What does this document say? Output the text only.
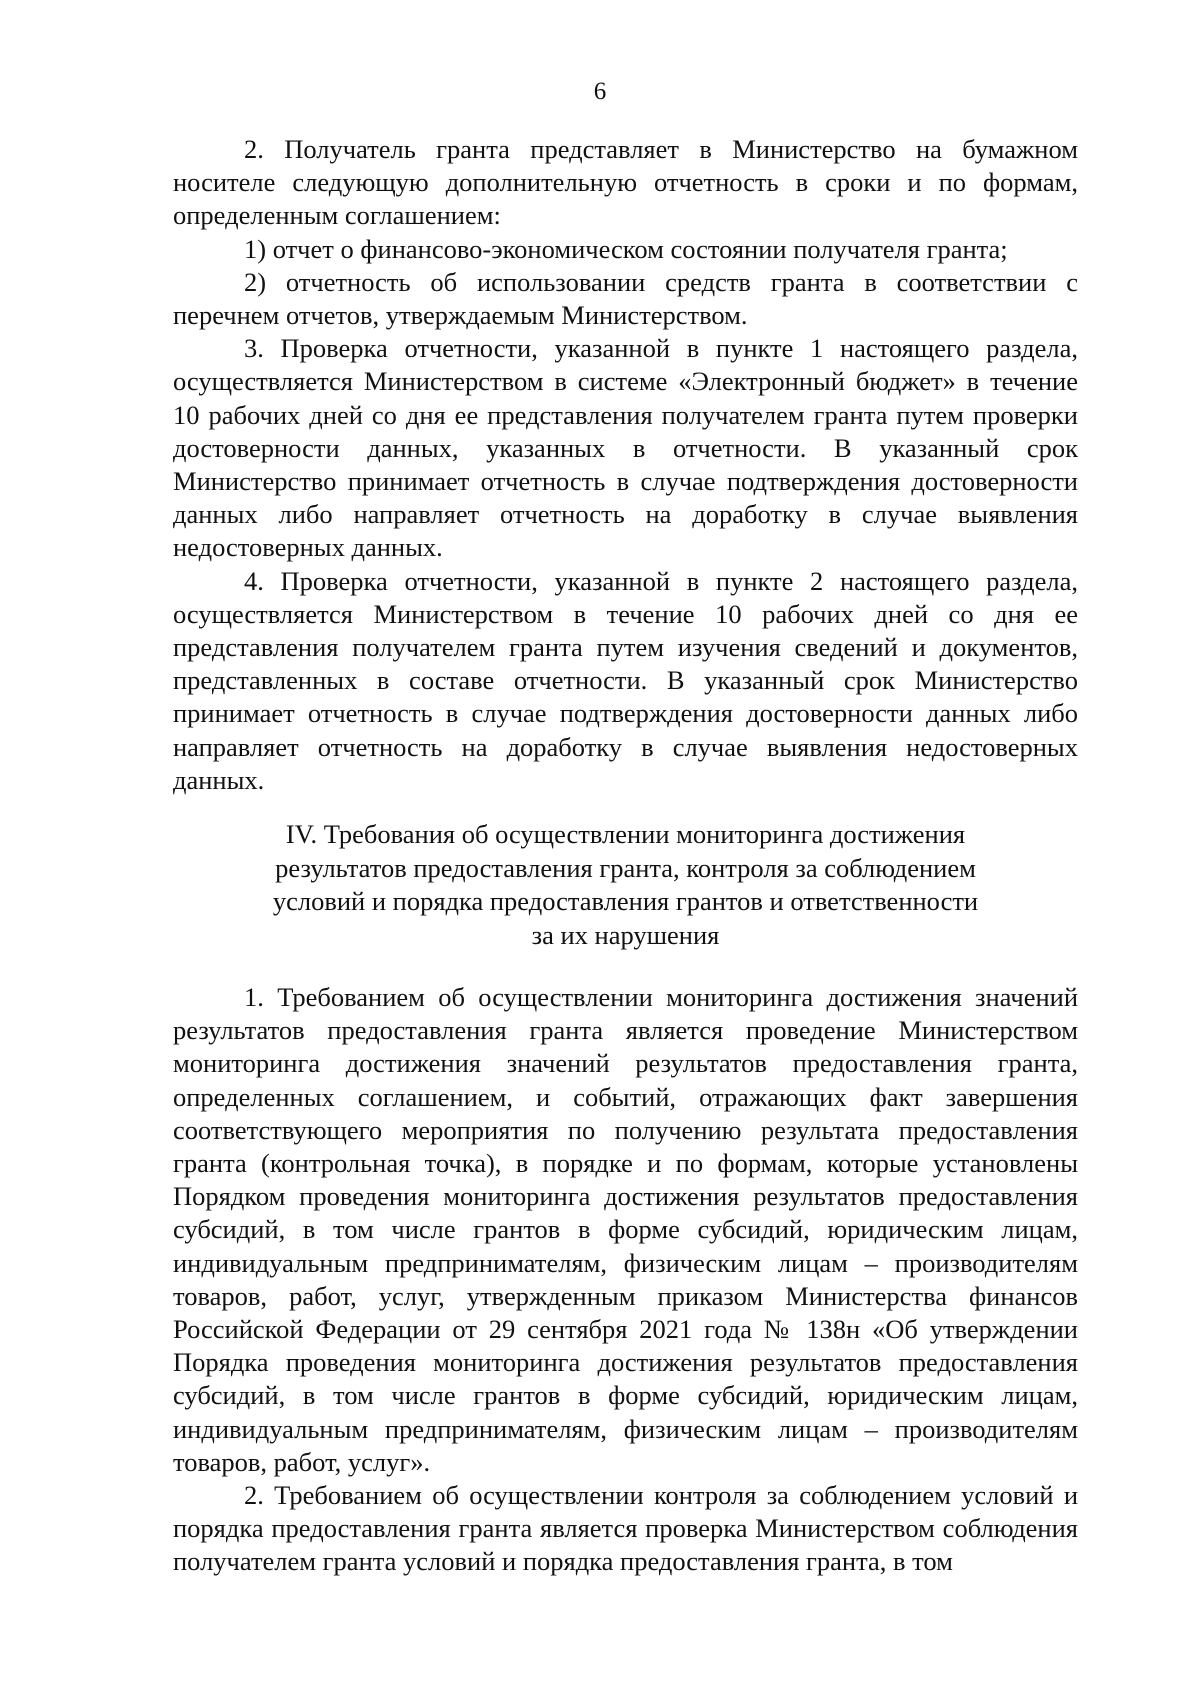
6

2. Получатель гранта представляет в Министерство на бумажном носителе следующую дополнительную отчетность в сроки и по формам, определенным соглашением:

1) отчет о финансово-экономическом состоянии получателя гранта;

2) отчетность об использовании средств гранта в соответствии с перечнем отчетов, утверждаемым Министерством.

3. Проверка отчетности, указанной в пункте 1 настоящего раздела, осуществляется Министерством в системе «Электронный бюджет» в течение 10 рабочих дней со дня ее представления получателем гранта путем проверки достоверности данных, указанных в отчетности. В указанный срок Министерство принимает отчетность в случае подтверждения достоверности данных либо направляет отчетность на доработку в случае выявления недостоверных данных.

4. Проверка отчетности, указанной в пункте 2 настоящего раздела, осуществляется Министерством в течение 10 рабочих дней со дня ее представления получателем гранта путем изучения сведений и документов, представленных в составе отчетности. В указанный срок Министерство принимает отчетность в случае подтверждения достоверности данных либо направляет отчетность на доработку в случае выявления недостоверных данных.

IV. Требования об осуществлении мониторинга достижения
результатов предоставления гранта, контроля за соблюдением
условий и порядка предоставления грантов и ответственности
за их нарушения

1. Требованием об осуществлении мониторинга достижения значений результатов предоставления гранта является проведение Министерством мониторинга достижения значений результатов предоставления гранта, определенных соглашением, и событий, отражающих факт завершения соответствующего мероприятия по получению результата предоставления гранта (контрольная точка), в порядке и по формам, которые установлены Порядком проведения мониторинга достижения результатов предоставления субсидий, в том числе грантов в форме субсидий, юридическим лицам, индивидуальным предпринимателям, физическим лицам – производителям товаров, работ, услуг, утвержденным приказом Министерства финансов Российской Федерации от 29 сентября 2021 года № 138н «Об утверждении Порядка проведения мониторинга достижения результатов предоставления субсидий, в том числе грантов в форме субсидий, юридическим лицам, индивидуальным предпринимателям, физическим лицам – производителям товаров, работ, услуг».

2. Требованием об осуществлении контроля за соблюдением условий и порядка предоставления гранта является проверка Министерством соблюдения получателем гранта условий и порядка предоставления гранта, в том
